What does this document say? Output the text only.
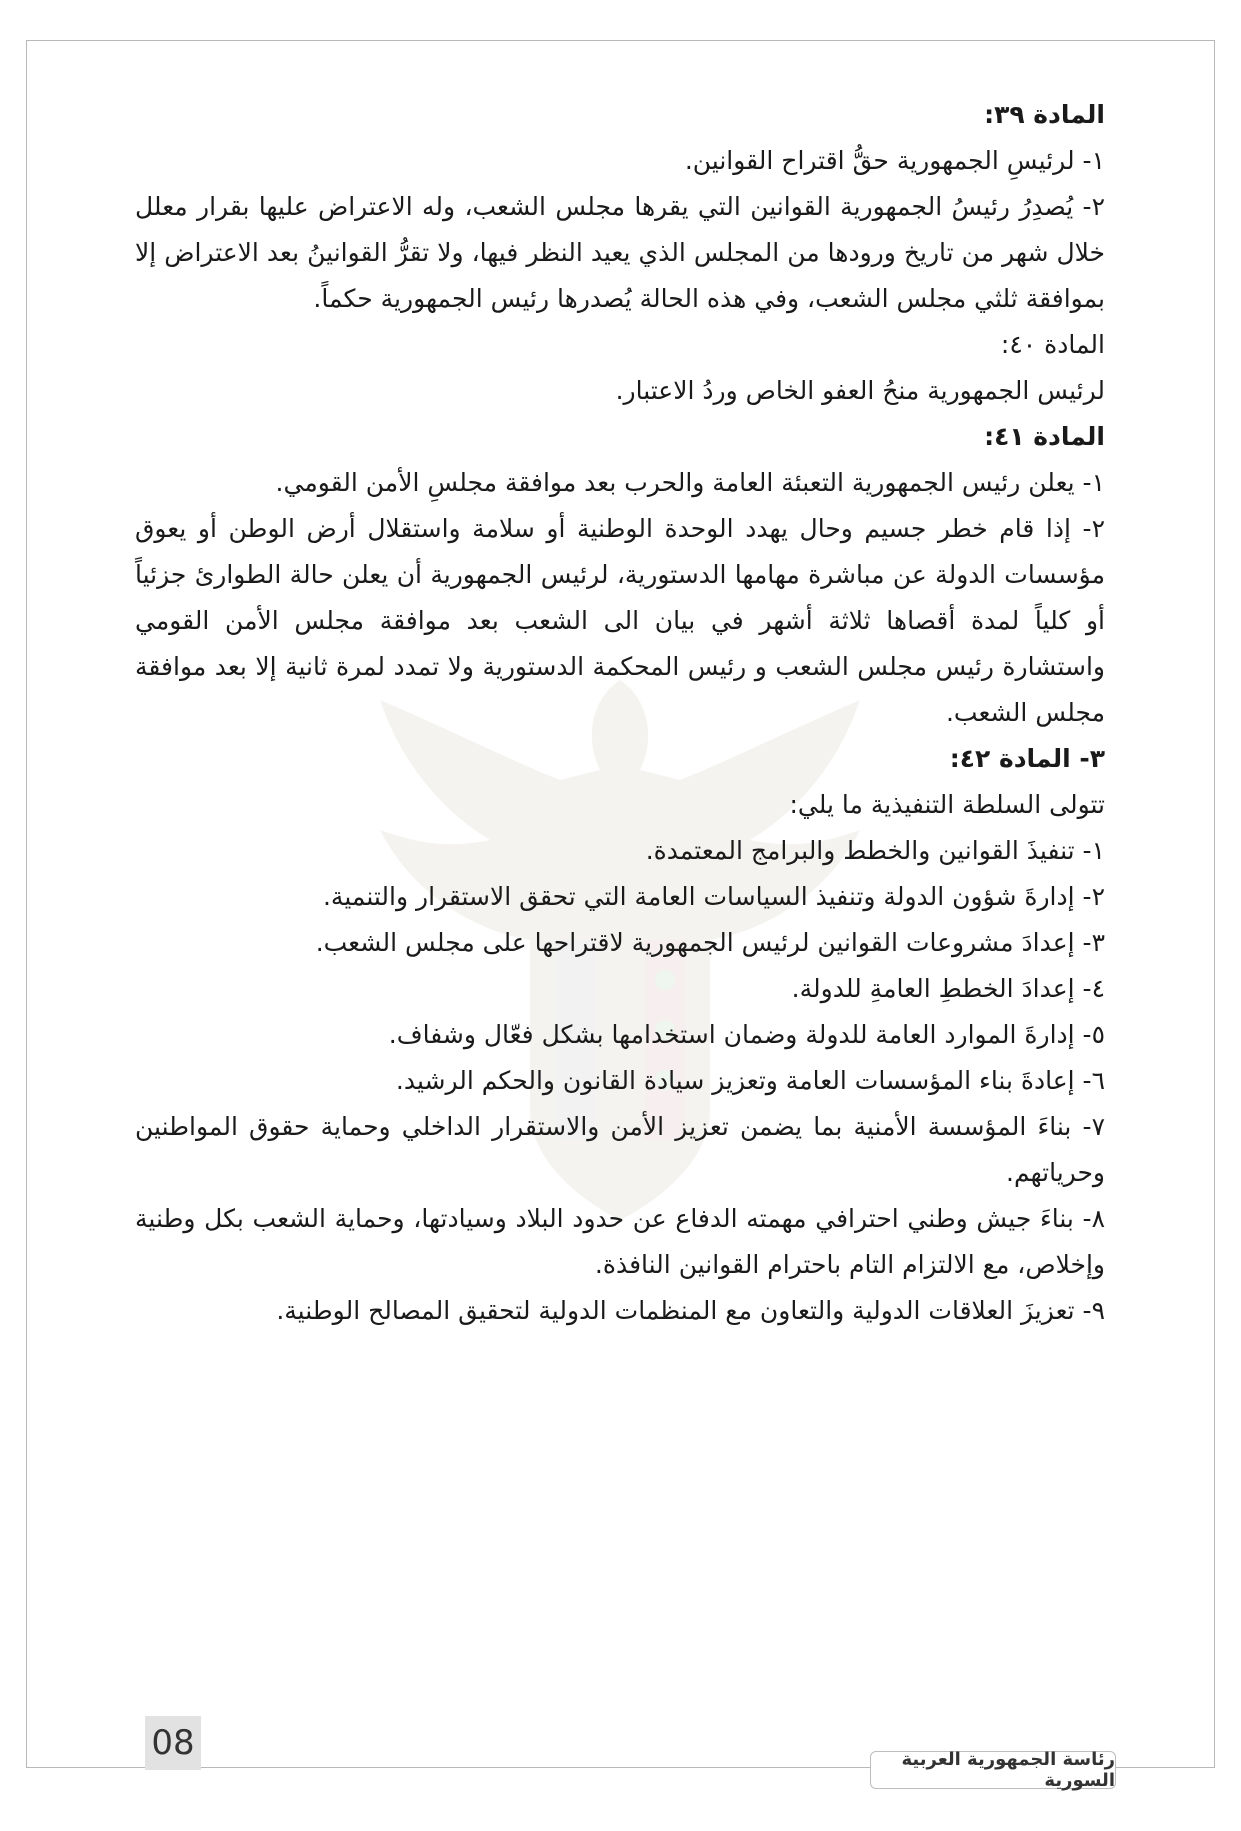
المادة ٣٩:

١- لرئيسِ الجمهورية حقُّ اقتراح القوانين.

٢- يُصدِرُ رئيسُ الجمهورية القوانين التي يقرها مجلس الشعب، وله الاعتراض عليها بقرار معلل خلال شهر من تاريخ ورودها من المجلس الذي يعيد النظر فيها، ولا تقرُّ القوانينُ بعد الاعتراض إلا بموافقة ثلثي مجلس الشعب، وفي هذه الحالة يُصدرها رئيس الجمهورية حكماً.

المادة ٤٠:

لرئيس الجمهورية منحُ العفو الخاص وردُ الاعتبار.

المادة ٤١:

١- يعلن رئيس الجمهورية التعبئة العامة والحرب بعد موافقة مجلسِ الأمن القومي.

٢- إذا قام خطر جسيم وحال يهدد الوحدة الوطنية أو سلامة واستقلال أرض الوطن أو يعوق مؤسسات الدولة عن مباشرة مهامها الدستورية، لرئيس الجمهورية أن يعلن حالة الطوارئ جزئياً أو كلياً لمدة أقصاها ثلاثة أشهر في بيان الى الشعب بعد موافقة مجلس الأمن القومي واستشارة رئيس مجلس الشعب و رئيس المحكمة الدستورية ولا تمدد لمرة ثانية إلا بعد موافقة مجلس الشعب.

٣- المادة ٤٢:

تتولى السلطة التنفيذية ما يلي:

١- تنفيذَ القوانين والخطط والبرامج المعتمدة.

٢- إدارةَ شؤون الدولة وتنفيذ السياسات العامة التي تحقق الاستقرار والتنمية.

٣- إعدادَ مشروعات القوانين لرئيس الجمهورية لاقتراحها على مجلس الشعب.

٤- إعدادَ الخططِ العامةِ للدولة.

٥- إدارةَ الموارد العامة للدولة وضمان استخدامها بشكل فعّال وشفاف.

٦- إعادةَ بناء المؤسسات العامة وتعزيز سيادة القانون والحكم الرشيد.

٧- بناءَ المؤسسة الأمنية بما يضمن تعزيز الأمن والاستقرار الداخلي وحماية حقوق المواطنين وحرياتهم.

٨- بناءَ جيش وطني احترافي مهمته الدفاع عن حدود البلاد وسيادتها، وحماية الشعب بكل وطنية وإخلاص، مع الالتزام التام باحترام القوانين النافذة.

٩- تعزيزَ العلاقات الدولية والتعاون مع المنظمات الدولية لتحقيق المصالح الوطنية.

08	رئاسة الجمهورية العربية السورية
